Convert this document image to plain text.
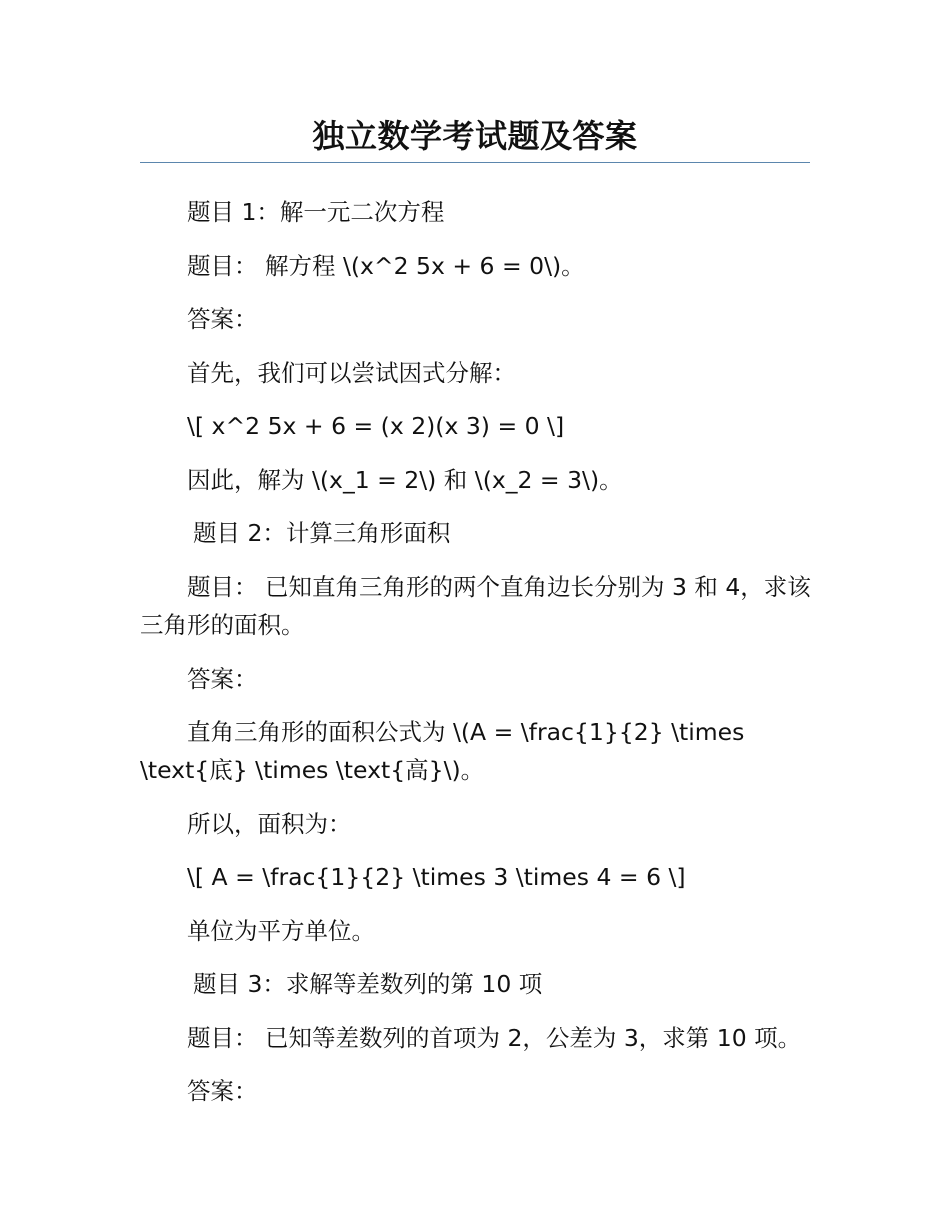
独立数学考试题及答案
题目 1：解一元二次方程
题目： 解方程 \(x^2 5x + 6 = 0\)。
答案：
首先，我们可以尝试因式分解：
\[ x^2 5x + 6 = (x 2)(x 3) = 0 \]
因此，解为 \(x_1 = 2\) 和 \(x_2 = 3\)。
题目 2：计算三角形面积
题目： 已知直角三角形的两个直角边长分别为 3 和 4，求该三角形的面积。
答案：
直角三角形的面积公式为 \(A = \frac{1}{2} \times \text{底} \times \text{高}\)。
所以，面积为：
\[ A = \frac{1}{2} \times 3 \times 4 = 6 \]
单位为平方单位。
题目 3：求解等差数列的第 10 项
题目： 已知等差数列的首项为 2，公差为 3，求第 10 项。
答案：
